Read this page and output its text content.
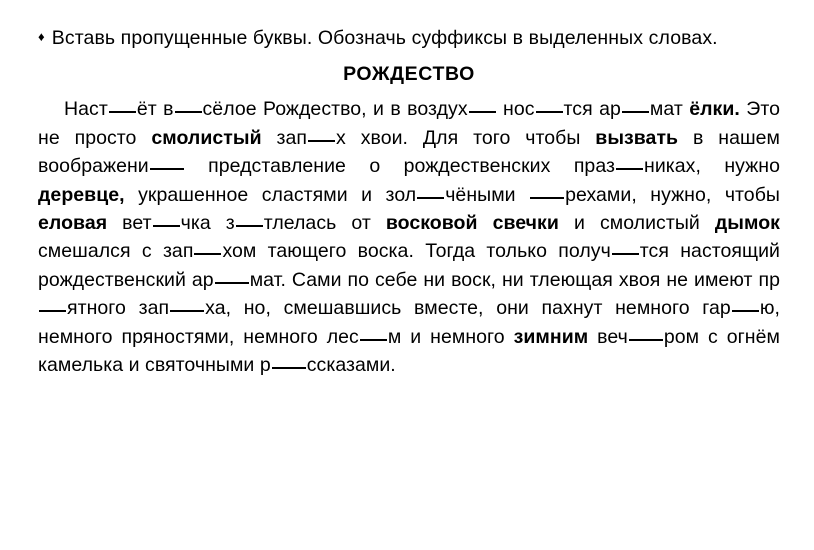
♦ Вставь пропущенные буквы. Обозначь суффиксы в выделенных словах.

РОЖДЕСТВО

Наст ёт в сёлое Рождество, и в воздух нос тся ар мат ёлки. Это не просто смолистый зап х хвои. Для того чтобы вызвать в нашем воображени представление о рождественских праз никах, нужно деревце, украшенное сластями и зол чёными рехами, нужно, чтобы еловая вет чка з тлелась от восковой свечки и смолистый дымок смешался с зап хом тающего воска. Тогда только получ тся настоящий рождественский ар мат. Сами по себе ни воск, ни тлеющая хвоя не имеют прятного зап ха, но, смешавшись вместе, они пахнут немного гар ю, немного пряностями, немного лес м и немного зимним веч ром с огнём камелька и святочными р ссказами.
